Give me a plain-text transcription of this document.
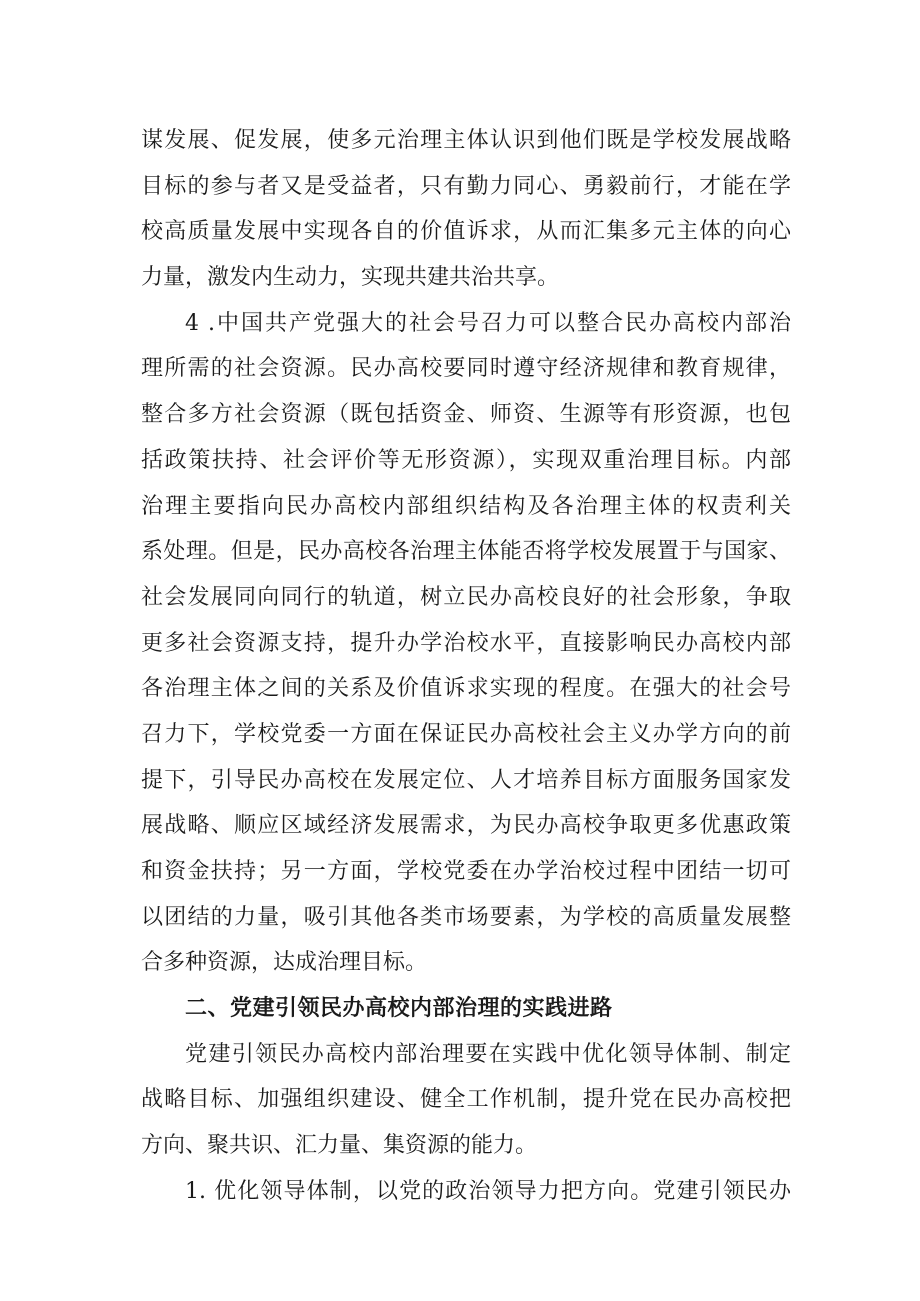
谋发展、促发展，使多元治理主体认识到他们既是学校发展战略
目标的参与者又是受益者，只有勤力同心、勇毅前行，才能在学
校高质量发展中实现各自的价值诉求，从而汇集多元主体的向心
力量，激发内生动力，实现共建共治共享。
4 .中国共产党强大的社会号召力可以整合民办高校内部治
理所需的社会资源。民办高校要同时遵守经济规律和教育规律，
整合多方社会资源（既包括资金、师资、生源等有形资源，也包
括政策扶持、社会评价等无形资源），实现双重治理目标。内部
治理主要指向民办高校内部组织结构及各治理主体的权责利关
系处理。但是，民办高校各治理主体能否将学校发展置于与国家、
社会发展同向同行的轨道，树立民办高校良好的社会形象，争取
更多社会资源支持，提升办学治校水平，直接影响民办高校内部
各治理主体之间的关系及价值诉求实现的程度。在强大的社会号
召力下，学校党委一方面在保证民办高校社会主义办学方向的前
提下，引导民办高校在发展定位、人才培养目标方面服务国家发
展战略、顺应区域经济发展需求，为民办高校争取更多优惠政策
和资金扶持；另一方面，学校党委在办学治校过程中团结一切可
以团结的力量，吸引其他各类市场要素，为学校的高质量发展整
合多种资源，达成治理目标。
二、党建引领民办高校内部治理的实践进路
党建引领民办高校内部治理要在实践中优化领导体制、制定
战略目标、加强组织建设、健全工作机制，提升党在民办高校把
方向、聚共识、汇力量、集资源的能力。
1. 优化领导体制，以党的政治领导力把方向。党建引领民办
